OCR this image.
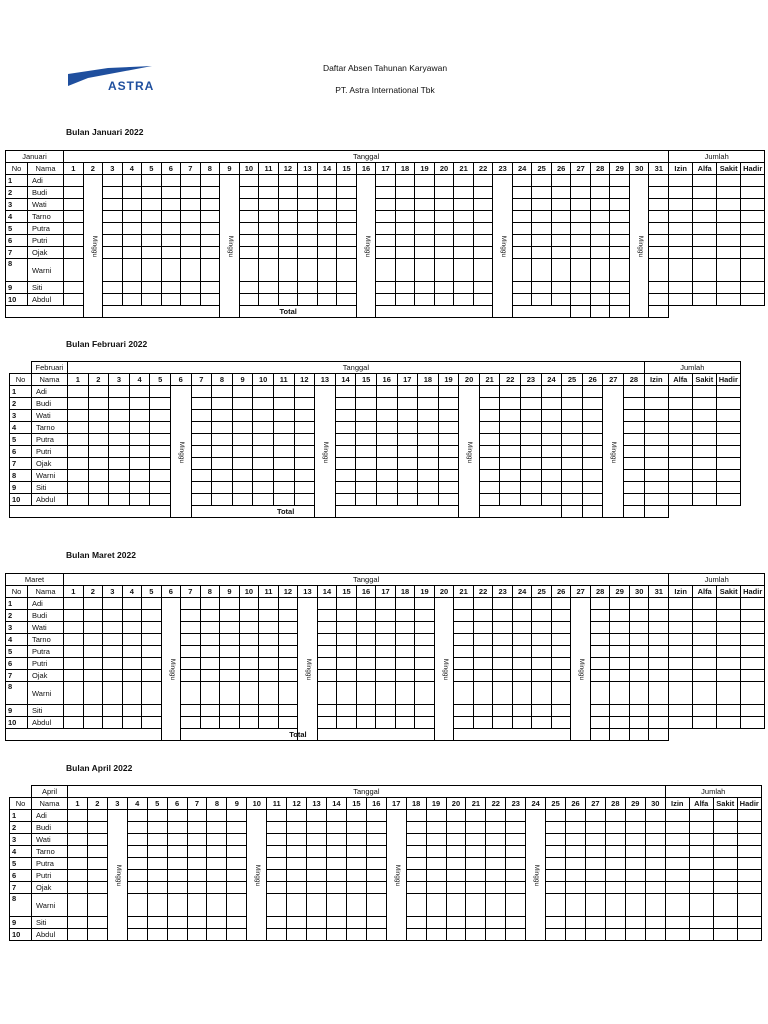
ASTRA
Daftar Absen Tahunan Karyawan
PT. Astra International Tbk
Bulan Januari 2022
Januari		Tanggal																															Jumlah			
No	Nama	1	2	3	4	5	6	7	8	9	10	11	12	13	14	15	16	17	18	19	20	21	22	23	24	25	26	27	28	29	30	31	Izin	Alfa	Sakit	Hadir
1	Adi		Minggu							Minggu							Minggu							Minggu							Minggu					
2	Budi																																			
3	Wati																																			
4	Tarno																																			
5	Putra																																			
6	Putri																																			
7	Ojak																																			
8	Warni																																			
9	Siti																																			
10	Abdul																																			
Total																																				
Bulan Februari 2022
	Februari	Tanggal																												Jumlah			
No	Nama	1	2	3	4	5	6	7	8	9	10	11	12	13	14	15	16	17	18	19	20	21	22	23	24	25	26	27	28	Izin	Alfa	Sakit	Hadir
1	Adi						Minggu							Minggu							Minggu							Minggu					
2	Budi																																
3	Wati																																
4	Tarno																																
5	Putra																																
6	Putri																																
7	Ojak																																
8	Warni																																
9	Siti																																
10	Abdul																																
Total																																	
Bulan Maret 2022
Maret		Tanggal																															Jumlah			
No	Nama	1	2	3	4	5	6	7	8	9	10	11	12	13	14	15	16	17	18	19	20	21	22	23	24	25	26	27	28	29	30	31	Izin	Alfa	Sakit	Hadir
1	Adi						Minggu							Minggu							Minggu							Minggu								
2	Budi																																			
3	Wati																																			
4	Tarno																																			
5	Putra																																			
6	Putri																																			
7	Ojak																																			
8	Warni																																			
9	Siti																																			
10	Abdul																																			
Total																																				
Bulan April 2022
	April	Tanggal																														Jumlah			
No	Nama	1	2	3	4	5	6	7	8	9	10	11	12	13	14	15	16	17	18	19	20	21	22	23	24	25	26	27	28	29	30	Izin	Alfa	Sakit	Hadir
1	Adi			Minggu							Minggu							Minggu							Minggu										
2	Budi																																		
3	Wati																																		
4	Tarno																																		
5	Putra																																		
6	Putri																																		
7	Ojak																																		
8	Warni																																		
9	Siti																																		
10	Abdul																																		
